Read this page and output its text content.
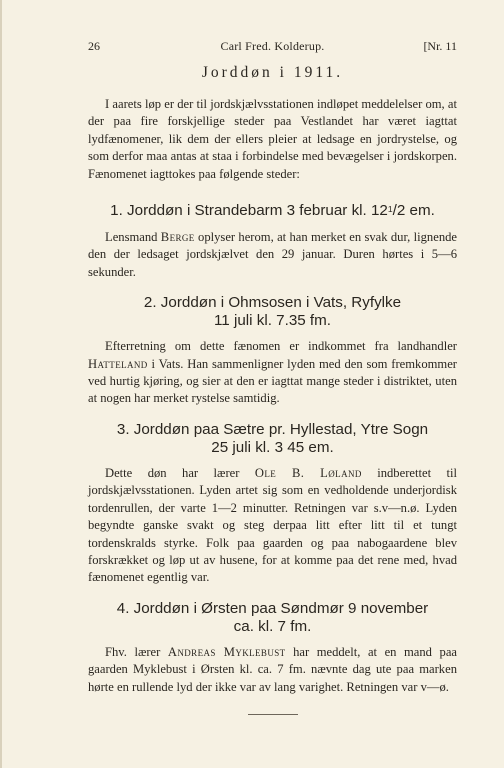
26	Carl Fred. Kolderup.	[Nr. 11
Jorddøn i 1911.

I aarets løp er der til jordskjælvsstationen indløpet meddelelser om, at der paa fire forskjellige steder paa Vestlandet har været iagttat lydfænomener, lik dem der ellers pleier at ledsage en jordrystelse, og som derfor maa antas at staa i forbindelse med bevægelser i jordskorpen. Fænomenet iagttokes paa følgende steder:

1. Jorddøn i Strandebarm 3 februar kl. $12^1/2$ em.

Lensmand Berge oplyser herom, at han merket en svak dur, lignende den der ledsaget jordskjælvet den 29 januar. Duren hørtes i 5—6 sekunder.

2. Jorddøn i Ohmsosen i Vats, Ryfylke
11 juli kl. 7.35 fm.

Efterretning om dette fænomen er indkommet fra landhandler Hatteland i Vats. Han sammenligner lyden med den som fremkommer ved hurtig kjøring, og sier at den er iagttat mange steder i distriktet, uten at nogen har merket rystelse samtidig.

3. Jorddøn paa Sætre pr. Hyllestad, Ytre Sogn
25 juli kl. 3 45 em.

Dette døn har lærer Ole B. Løland indberettet til jordskjælvsstationen. Lyden artet sig som en vedholdende underjordisk tordenrullen, der varte 1—2 minutter. Retningen var s.v—n.ø. Lyden begyndte ganske svakt og steg derpaa litt efter litt til et tungt tordenskralds styrke. Folk paa gaarden og paa nabogaardene blev forskrækket og løp ut av husene, for at komme paa det rene med, hvad fænomenet egentlig var.

4. Jorddøn i Ørsten paa Søndmør 9 november
ca. kl. 7 fm.

Fhv. lærer Andreas Myklebust har meddelt, at en mand paa gaarden Myklebust i Ørsten kl. ca. 7 fm. nævnte dag ute paa marken hørte en rullende lyd der ikke var av lang varighet. Retningen var v—ø.
